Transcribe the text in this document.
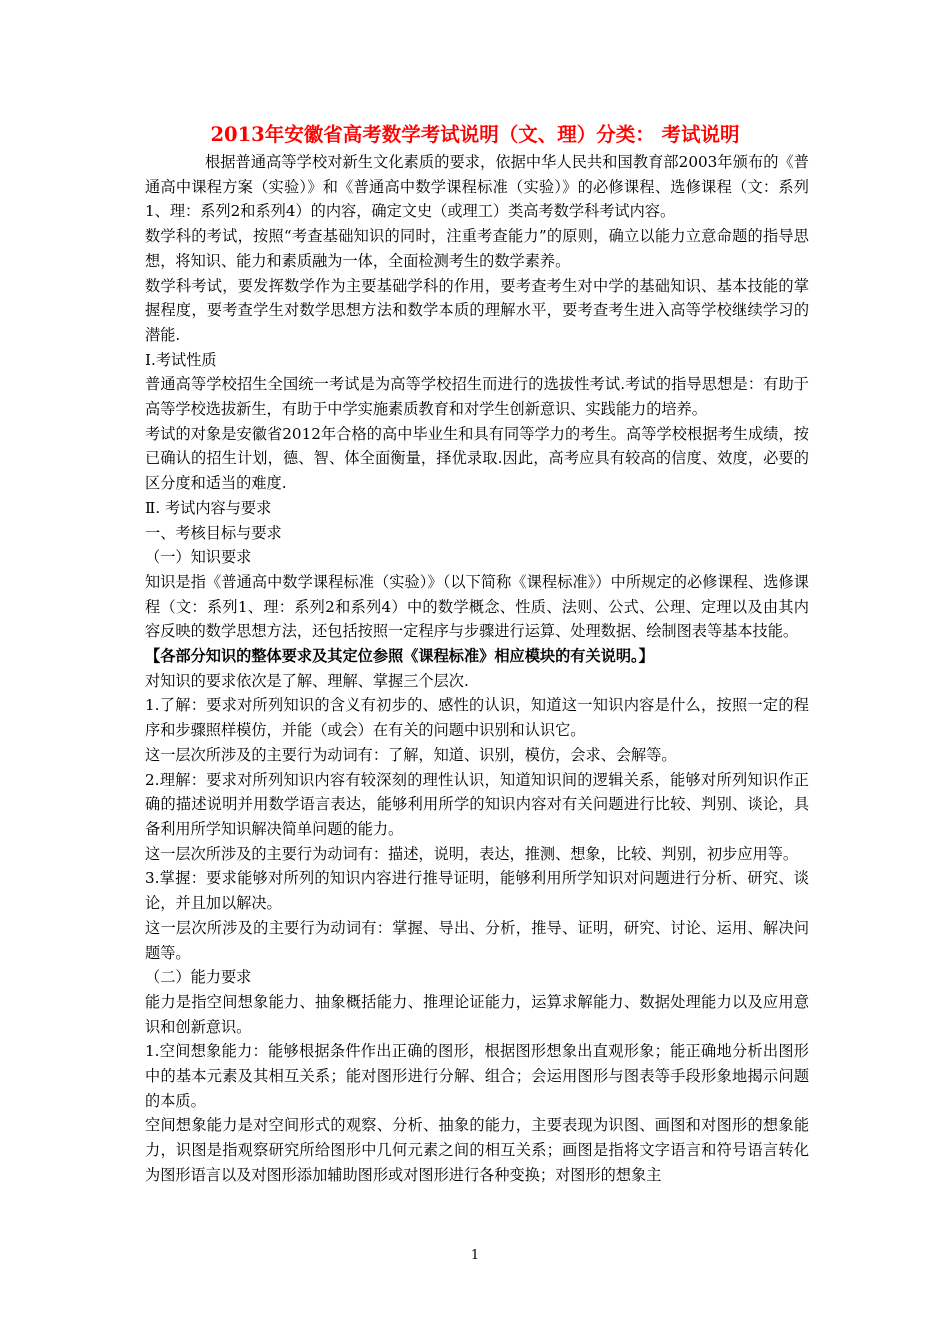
2013年安徽省高考数学考试说明（文、理）分类： 考试说明

根据普通高等学校对新生文化素质的要求，依据中华人民共和国教育部2003年颁布的《普通高中课程方案（实验）》和《普通高中数学课程标准（实验）》的必修课程、选修课程（文：系列1、理：系列2和系列4）的内容，确定文史（或理工）类高考数学科考试内容。

数学科的考试，按照“考查基础知识的同时，注重考查能力”的原则，确立以能力立意命题的指导思想，将知识、能力和素质融为一体，全面检测考生的数学素养。

数学科考试，要发挥数学作为主要基础学科的作用，要考查考生对中学的基础知识、基本技能的掌握程度，要考查学生对数学思想方法和数学本质的理解水平，要考查考生进入高等学校继续学习的潜能.

Ⅰ.考试性质

普通高等学校招生全国统一考试是为高等学校招生而进行的选拔性考试.考试的指导思想是：有助于高等学校选拔新生，有助于中学实施素质教育和对学生创新意识、实践能力的培养。

考试的对象是安徽省2012年合格的高中毕业生和具有同等学力的考生。高等学校根据考生成绩，按已确认的招生计划，德、智、体全面衡量，择优录取.因此，高考应具有较高的信度、效度，必要的区分度和适当的难度.

Ⅱ. 考试内容与要求

一、考核目标与要求

（一）知识要求

知识是指《普通高中数学课程标准（实验）》（以下简称《课程标准》）中所规定的必修课程、选修课程（文：系列1、理：系列2和系列4）中的数学概念、性质、法则、公式、公理、定理以及由其内容反映的数学思想方法，还包括按照一定程序与步骤进行运算、处理数据、绘制图表等基本技能。

【各部分知识的整体要求及其定位参照《课程标准》相应模块的有关说明。】

对知识的要求依次是了解、理解、掌握三个层次.

1.了解：要求对所列知识的含义有初步的、感性的认识，知道这一知识内容是什么，按照一定的程序和步骤照样模仿，并能（或会）在有关的问题中识别和认识它。

这一层次所涉及的主要行为动词有：了解，知道、识别，模仿，会求、会解等。

2.理解：要求对所列知识内容有较深刻的理性认识，知道知识间的逻辑关系，能够对所列知识作正确的描述说明并用数学语言表达，能够利用所学的知识内容对有关问题进行比较、判别、谈论，具备利用所学知识解决简单问题的能力。

这一层次所涉及的主要行为动词有：描述，说明，表达，推测、想象，比较、判别，初步应用等。

3.掌握：要求能够对所列的知识内容进行推导证明，能够利用所学知识对问题进行分析、研究、谈论，并且加以解决。

这一层次所涉及的主要行为动词有：掌握、导出、分析，推导、证明，研究、讨论、运用、解决问题等。

（二）能力要求

能力是指空间想象能力、抽象概括能力、推理论证能力，运算求解能力、数据处理能力以及应用意识和创新意识。

1.空间想象能力：能够根据条件作出正确的图形，根据图形想象出直观形象；能正确地分析出图形中的基本元素及其相互关系；能对图形进行分解、组合；会运用图形与图表等手段形象地揭示问题的本质。

空间想象能力是对空间形式的观察、分析、抽象的能力，主要表现为识图、画图和对图形的想象能力，识图是指观察研究所给图形中几何元素之间的相互关系；画图是指将文字语言和符号语言转化为图形语言以及对图形添加辅助图形或对图形进行各种变换；对图形的想象主

1
